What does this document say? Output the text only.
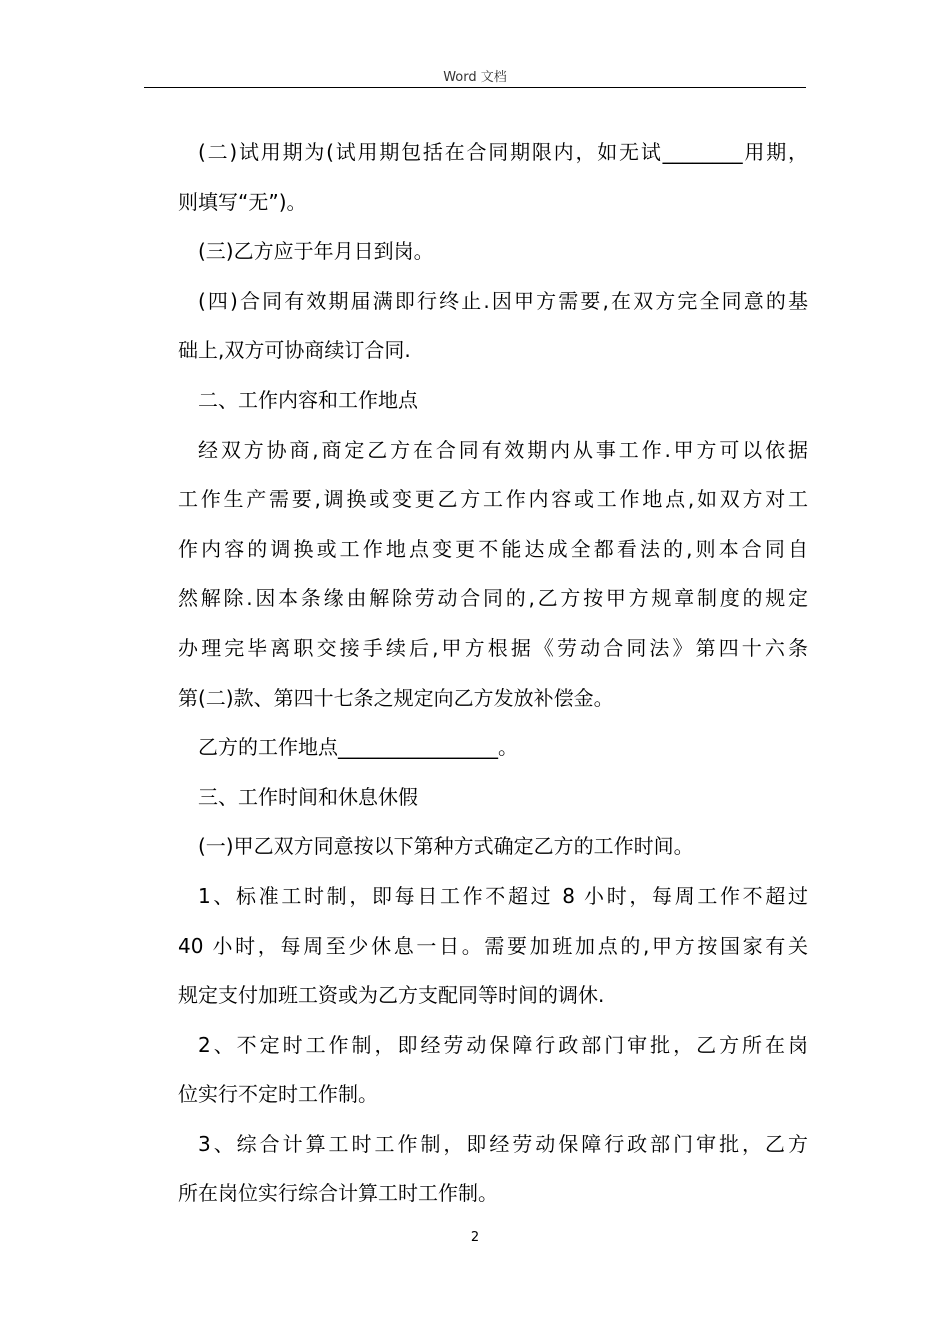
Word 文档
(二)试用期为(试用期包括在合同期限内，如无试________用期，
则填写“无”)。
(三)乙方应于年月日到岗。
(四)合同有效期届满即行终止.因甲方需要,在双方完全同意的基
础上,双方可协商续订合同.
二、工作内容和工作地点
经双方协商,商定乙方在合同有效期内从事工作.甲方可以依据
工作生产需要,调换或变更乙方工作内容或工作地点,如双方对工
作内容的调换或工作地点变更不能达成全都看法的,则本合同自
然解除.因本条缘由解除劳动合同的,乙方按甲方规章制度的规定
办理完毕离职交接手续后,甲方根据《劳动合同法》第四十六条
第(二)款、第四十七条之规定向乙方发放补偿金。
乙方的工作地点________________。
三、工作时间和休息休假
(一)甲乙双方同意按以下第种方式确定乙方的工作时间。
1、标准工时制，即每日工作不超过 8 小时，每周工作不超过
40 小时，每周至少休息一日。需要加班加点的,甲方按国家有关
规定支付加班工资或为乙方支配同等时间的调休.
2、不定时工作制，即经劳动保障行政部门审批，乙方所在岗
位实行不定时工作制。
3、综合计算工时工作制，即经劳动保障行政部门审批，乙方
所在岗位实行综合计算工时工作制。
2
